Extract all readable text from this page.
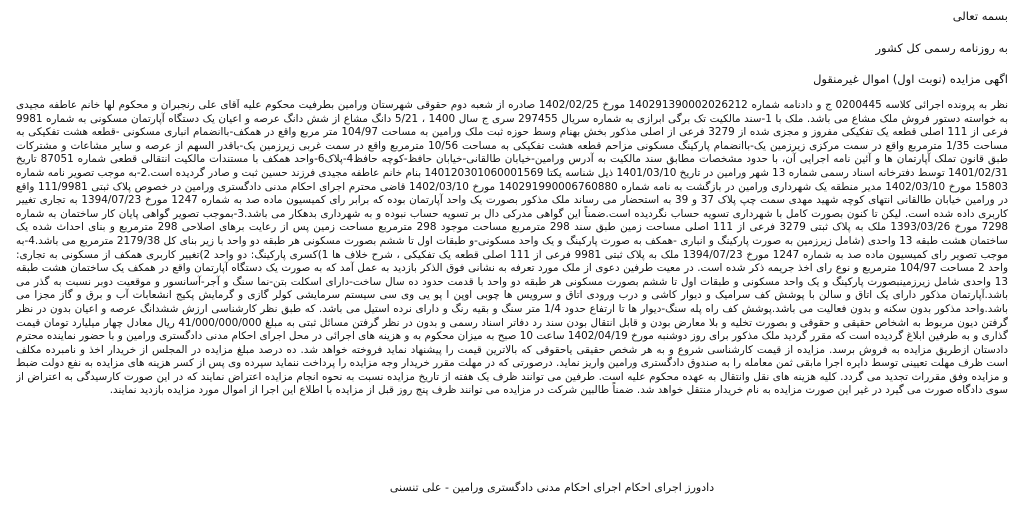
بسمه تعالی

به روزنامه رسمی کل کشور

اگهی مزایده (نوبت اول) اموال غیرمنقول

نظر به پرونده اجرائی کلاسه 0200445 ج و دادنامه شماره 140291390002026212 مورخ 1402/02/25 صادره از شعبه دوم حقوقی شهرستان ورامین بطرفیت محکوم علیه آقای علی رنجبران و محکوم لها خانم عاطفه مجیدی به خواسته دستور فروش ملک مشاع می باشد. ملک با 1-سند مالکیت تک برگی ابرازی به شماره سریال 297455 سری ج سال 1400 ، 5/21 دانگ مشاع از شش دانگ عرصه و اعیان یک دستگاه آپارتمان مسکونی به شماره 9981 فرعی از 111 اصلی قطعه یک تفکیکی مفروز و مجزی شده از 3279 فرعی از اصلی مذکور بخش بهنام وسط حوزه ثبت ملک ورامین به مساحت 104/97 متر مربع واقع در همکف-باانضمام انباری مسکونی -قطعه هشت تفکیکی به مساحت 1/35 مترمربع واقع در سمت مرکزی زیرزمین یک-باانضمام پارکینگ مسکونی مزاحم قطعه هشت تفکیکی به مساحت 10/56 مترمربع واقع در سمت غربی زیرزمین یک-باقدر السهم از عرصه و سایر مشاعات و مشترکات طبق قانون تملک آپارتمان ها و آئین نامه اجرایی آن، با حدود مشخصات مطابق سند مالکیت به آدرس ورامین-خیابان طالقانی-خیابان حافظ-کوچه حافظ4-پلاک6-واحد همکف با مستندات مالکیت انتقالی قطعی شماره 87051 تاریخ 1401/02/31 توسط دفترخانه اسناد رسمی شماره 13 شهر ورامین در تاریخ 1401/03/10 ذیل شناسه یکتا 140120301060001569 بنام خانم عاطفه مجیدی فرزند حسین ثبت و صادر گردیده است.2-به موجب تصویر نامه شماره 15803 مورخ 1402/03/10 مدیر منطقه یک شهرداری ورامین در بازگشت به نامه شماره 140291990006760880 مورخ 1402/03/10 قاضی محترم اجرای احکام مدنی دادگستری ورامین در خصوص پلاک ثبتی 111/9981 واقع در ورامین خیابان طالقانی انتهای کوچه شهید مهدی سمت چپ پلاک 37 و 39 به استحضار می رساند ملک مذکور بصورت یک واحد آپارتمان بوده که برابر رای کمیسیون ماده صد به شماره 1247 مورخ 1394/07/23 به تجاری تغییر کاربری داده شده است. لیکن تا کنون بصورت کامل با شهرداری تسویه حساب نگردیده است.ضمناً این گواهی مدرکی دال بر تسویه حساب نبوده و به شهرداری بدهکار می باشد.3-بموجب تصویر گواهی پایان کار ساختمان به شماره 7298 مورخ 1393/03/26 ملک به پلاک ثبتی 3279 فرعی از 111 اصلی مساحت زمین طبق سند 298 مترمربع مساحت موجود 298 مترمربع مساحت زمین پس از رعایت برهای اصلاحی 298 مترمربع و بنای احداث شده یک ساختمان هشت طبقه 13 واحدی (شامل زیرزمین به صورت پارکینگ و انباری -همکف به صورت پارکینگ و یک واحد مسکونی-و طبقات اول تا ششم بصورت مسکونی هر طبقه دو واحد با زیر بنای کل 2179/38 مترمربع می باشد.4-به موجب تصویر رای کمیسیون ماده صد به شماره 1247 مورخ 1394/07/23 ملک به پلاک ثبتی 9981 فرعی از 111 اصلی قطعه یک تفکیکی ، شرح خلاف ها 1)کسری پارکینگ: دو واحد 2)تغییر کاربری همکف از مسکونی به تجاری: واحد 2 مساحت 104/97 مترمربع و نوع رای اخذ جریمه ذکر شده است. در معیت طرفین دعوی از ملک مورد تعرفه به نشانی فوق الذکر بازدید به عمل آمد که به صورت یک دستگاه آپارتمان واقع در همکف یک ساختمان هشت طبقه 13 واحدی شامل زیرزمینبصورت پارکینگ و یک واحد مسکونی و طبقات اول تا ششم بصورت مسکونی هر طبقه دو واحد با قدمت حدود ده سال ساخت-دارای اسکلت بتن-نما سنگ و آجر-آسانسور و موقعیت دوبر نسبت به گذر می باشد.آپارتمان مذکور دارای یک اتاق و سالن با پوشش کف سرامیک و دیوار کاشی و درب ورودی اتاق و سرویس ها چوبی اوپن ا پو یی وی سی سیستم سرمایشی کولر گازی و گرمایش پکیج انشعابات آب و برق و گاز مجزا می باشد.واحد مذکور بدون سکنه و بدون فعالیت می باشد.پوشش کف راه پله سنگ-دیوار ها تا ارتفاع حدود 1/4 متر سنگ و بقیه رنگ و دارای نرده استیل می باشد. که طبق نظر کارشناسی ارزش ششدانگ عرصه و اعیان بدون در نظر گرفتن دیون مربوط به اشخاص حقیقی و حقوقی و بصورت تخلیه و بلا معارض بودن و قابل انتقال بودن سند رد دفاتر اسناد رسمی و بدون در نظر گرفتن مسائل ثبتی به مبلغ 41/000/000/000 ریال معادل چهار میلیارد تومان قیمت گذاری و به طرفین ابلاغ گردیده است که مقرر گردید ملک مذکور برای روز دوشنبه مورخ 1402/04/19 ساعت 10 صبح به میزان محکوم به و هزینه های اجرائی در محل اجرای احکام مدنی دادگستری ورامین و با حضور نماینده محترم دادستان ازطریق مزایده به فروش برسد. مزایده از قیمت کارشناسی شروع و به هر شخص حقیقی یاحقوقی که بالاترین قیمت را پیشنهاد نماید فروخته خواهد شد. ده درصد مبلغ مزایده در المجلس از خریدار اخذ و نامبرده مکلف است ظرف مهلت تعیینی توسط دایره اجرا مابقی ثمن معامله را به صندوق دادگستری ورامین واریز نماید. درصورتی که در مهلت مقرر خریدار وجه مزایده را پرداخت ننماید سپرده وی پس از کسر هزینه های مزایده به نفع دولت ضبط و مزایده وفق مقررات تجدید می گردد. کلیه هزینه های نقل وانتقال به عهده محکوم علیه است. طرفین می توانند ظرف یک هفته از تاریخ مزایده نسبت به نحوه انجام مزایده اعتراض نمایند که در این صورت کارسیدگی به اعتراض از سوی دادگاه صورت می گیرد در غیر این صورت مزایده به نام خریدار منتقل خواهد شد. ضمناً طالبین شرکت در مزایده می توانند ظرف پنج روز قبل از مزایده با اطلاع این اجرا از اموال مورد مزایده بازدید نمایند.

دادورز اجرای احکام اجرای احکام مدنی دادگستری ورامین - علی تنسنی
